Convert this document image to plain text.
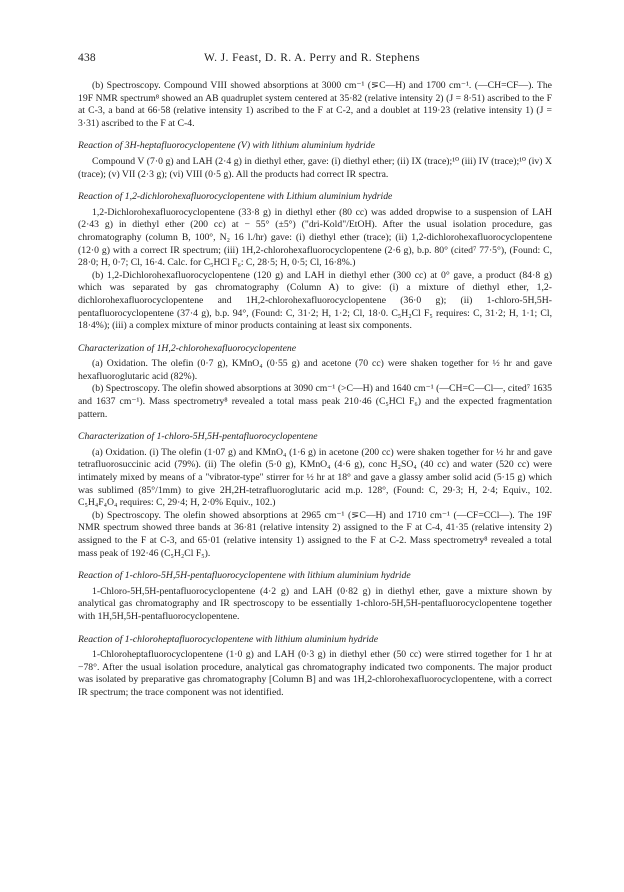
438	W. J. Feast, D. R. A. Perry and R. Stephens

(b) Spectroscopy. Compound VIII showed absorptions at 3000 cm⁻¹ (⋝C—H) and 1700 cm⁻¹. (—CH=CF—). The 19F NMR spectrum⁸ showed an AB quadruplet system centered at 35·82 (relative intensity 2) (J = 8·51) ascribed to the F at C-3, a band at 66·58 (relative intensity 1) ascribed to the F at C-2, and a doublet at 119·23 (relative intensity 1) (J = 3·31) ascribed to the F at C-4.

Reaction of 3H-heptafluorocyclopentene (V) with lithium aluminium hydride

Compound V (7·0 g) and LAH (2·4 g) in diethyl ether, gave: (i) diethyl ether; (ii) IX (trace);¹⁰ (iii) IV (trace);¹⁰ (iv) X (trace); (v) VII (2·3 g); (vi) VIII (0·5 g). All the products had correct IR spectra.

Reaction of 1,2-dichlorohexafluorocyclopentene with Lithium aluminium hydride

1,2-Dichlorohexafluorocyclopentene (33·8 g) in diethyl ether (80 cc) was added dropwise to a suspension of LAH (2·43 g) in diethyl ether (200 cc) at − 55° (±5°) ("dri-Kold"/EtOH). After the usual isolation procedure, gas chromatography (column B, 100°, N₂ 16 l./hr) gave: (i) diethyl ether (trace); (ii) 1,2-dichlorohexafluorocyclopentene (12·0 g) with a correct IR spectrum; (iii) 1H,2-chlorohexafluorocyclopentene (2·6 g), b.p. 80° (cited⁷ 77·5°), (Found: C, 28·0; H, 0·7; Cl, 16·4. Calc. for C₅HCl F₆: C, 28·5; H, 0·5; Cl, 16·8%.)

(b) 1,2-Dichlorohexafluorocyclopentene (120 g) and LAH in diethyl ether (300 cc) at 0° gave, a product (84·8 g) which was separated by gas chromatography (Column A) to give: (i) a mixture of diethyl ether, 1,2-dichlorohexafluorocyclopentene and 1H,2-chlorohexafluorocyclopentene (36·0 g); (ii) 1-chloro-5H,5H-pentafluorocyclopentene (37·4 g), b.p. 94°, (Found: C, 31·2; H, 1·2; Cl, 18·0. C₅H₂Cl F₅ requires: C, 31·2; H, 1·1; Cl, 18·4%); (iii) a complex mixture of minor products containing at least six components.

Characterization of 1H,2-chlorohexafluorocyclopentene

(a) Oxidation. The olefin (0·7 g), KMnO₄ (0·55 g) and acetone (70 cc) were shaken together for ½ hr and gave hexafluoroglutaric acid (82%).

(b) Spectroscopy. The olefin showed absorptions at 3090 cm⁻¹ (>C—H) and 1640 cm⁻¹ (—CH=C—Cl—, cited⁷ 1635 and 1637 cm⁻¹). Mass spectrometry⁸ revealed a total mass peak 210·46 (C₅HCl F₆) and the expected fragmentation pattern.

Characterization of 1-chloro-5H,5H-pentafluorocyclopentene

(a) Oxidation. (i) The olefin (1·07 g) and KMnO₄ (1·6 g) in acetone (200 cc) were shaken together for ½ hr and gave tetrafluorosuccinic acid (79%). (ii) The olefin (5·0 g), KMnO₄ (4·6 g), conc H₂SO₄ (40 cc) and water (520 cc) were intimately mixed by means of a "vibrator-type" stirrer for ½ hr at 18° and gave a glassy amber solid acid (5·15 g) which was sublimed (85°/1mm) to give 2H,2H-tetrafluoroglutaric acid m.p. 128°, (Found: C, 29·3; H, 2·4; Equiv., 102. C₅H₄F₄O₄ requires: C, 29·4; H, 2·0% Equiv., 102.)

(b) Spectroscopy. The olefin showed absorptions at 2965 cm⁻¹ (⋝C—H) and 1710 cm⁻¹ (—CF=CCl—). The 19F NMR spectrum showed three bands at 36·81 (relative intensity 2) assigned to the F at C-4, 41·35 (relative intensity 2) assigned to the F at C-3, and 65·01 (relative intensity 1) assigned to the F at C-2. Mass spectrometry⁸ revealed a total mass peak of 192·46 (C₅H₂Cl F₅).

Reaction of 1-chloro-5H,5H-pentafluorocyclopentene with lithium aluminium hydride

1-Chloro-5H,5H-pentafluorocyclopentene (4·2 g) and LAH (0·82 g) in diethyl ether, gave a mixture shown by analytical gas chromatography and IR spectroscopy to be essentially 1-chloro-5H,5H-pentafluorocyclopentene together with 1H,5H,5H-pentafluorocyclopentene.

Reaction of 1-chloroheptafluorocyclopentene with lithium aluminium hydride

1-Chloroheptafluorocyclopentene (1·0 g) and LAH (0·3 g) in diethyl ether (50 cc) were stirred together for 1 hr at −78°. After the usual isolation procedure, analytical gas chromatography indicated two components. The major product was isolated by preparative gas chromatography [Column B] and was 1H,2-chlorohexafluorocyclopentene, with a correct IR spectrum; the trace component was not identified.
